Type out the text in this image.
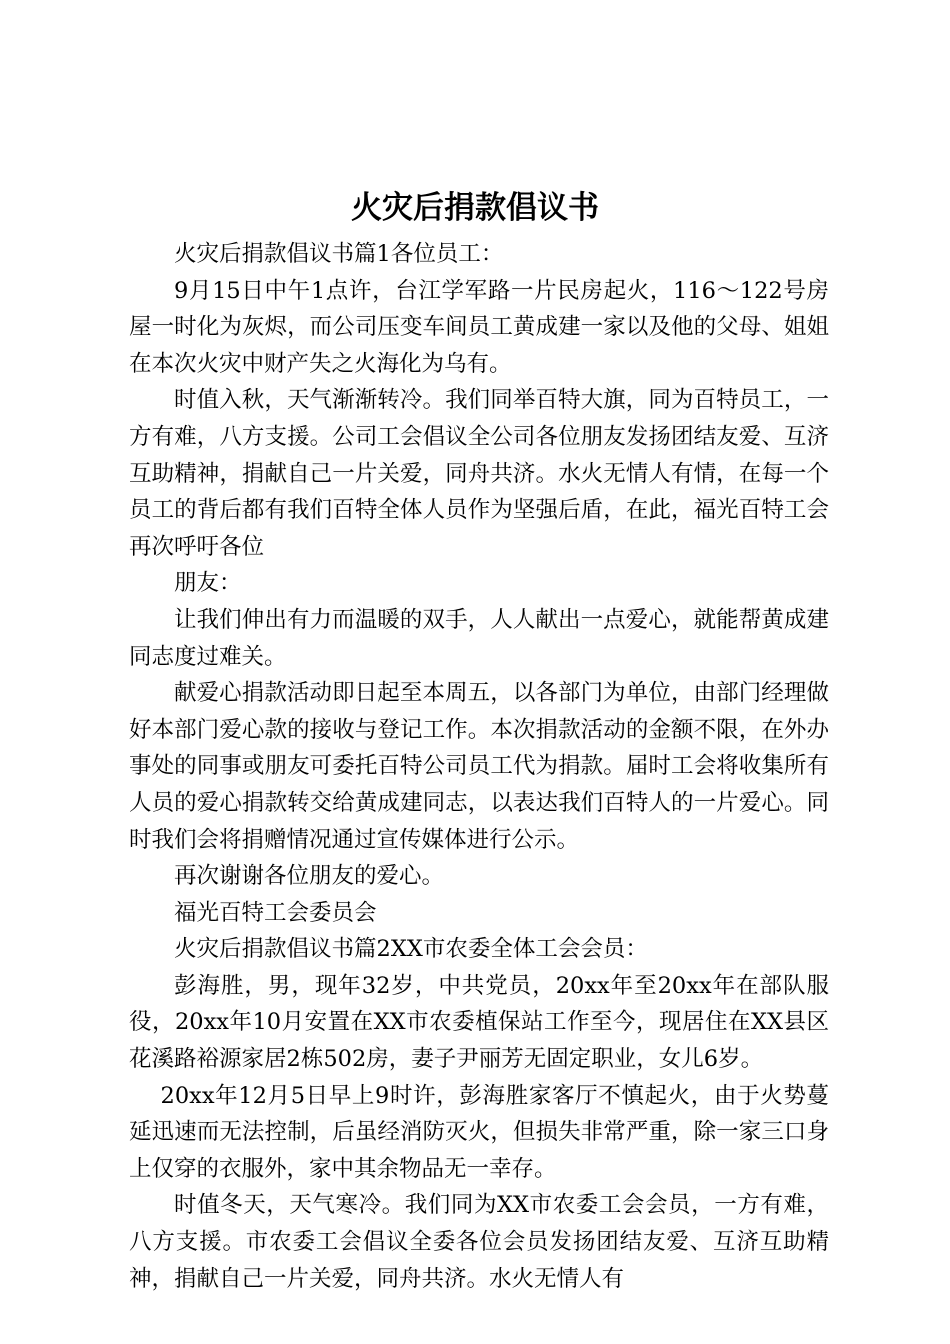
火灾后捐款倡议书

火灾后捐款倡议书篇1各位员工：

9月15日中午1点许，台江学军路一片民房起火，116～122号房屋一时化为灰烬，而公司压变车间员工黄成建一家以及他的父母、姐姐在本次火灾中财产失之火海化为乌有。

时值入秋，天气渐渐转冷。我们同举百特大旗，同为百特员工，一方有难，八方支援。公司工会倡议全公司各位朋友发扬团结友爱、互济互助精神，捐献自己一片关爱，同舟共济。水火无情人有情，在每一个员工的背后都有我们百特全体人员作为坚强后盾，在此，福光百特工会再次呼吁各位

朋友：

让我们伸出有力而温暖的双手，人人献出一点爱心，就能帮黄成建同志度过难关。

献爱心捐款活动即日起至本周五，以各部门为单位，由部门经理做好本部门爱心款的接收与登记工作。本次捐款活动的金额不限，在外办事处的同事或朋友可委托百特公司员工代为捐款。届时工会将收集所有人员的爱心捐款转交给黄成建同志，以表达我们百特人的一片爱心。同时我们会将捐赠情况通过宣传媒体进行公示。

再次谢谢各位朋友的爱心。

福光百特工会委员会

火灾后捐款倡议书篇2XX市农委全体工会会员：

彭海胜，男，现年32岁，中共党员，20xx年至20xx年在部队服役，20xx年10月安置在XX市农委植保站工作至今，现居住在XX县区花溪路裕源家居2栋502房，妻子尹丽芳无固定职业，女儿6岁。

20xx年12月5日早上9时许，彭海胜家客厅不慎起火，由于火势蔓延迅速而无法控制，后虽经消防灭火，但损失非常严重，除一家三口身上仅穿的衣服外，家中其余物品无一幸存。

时值冬天，天气寒冷。我们同为XX市农委工会会员，一方有难，八方支援。市农委工会倡议全委各位会员发扬团结友爱、互济互助精神，捐献自己一片关爱，同舟共济。水火无情人有
